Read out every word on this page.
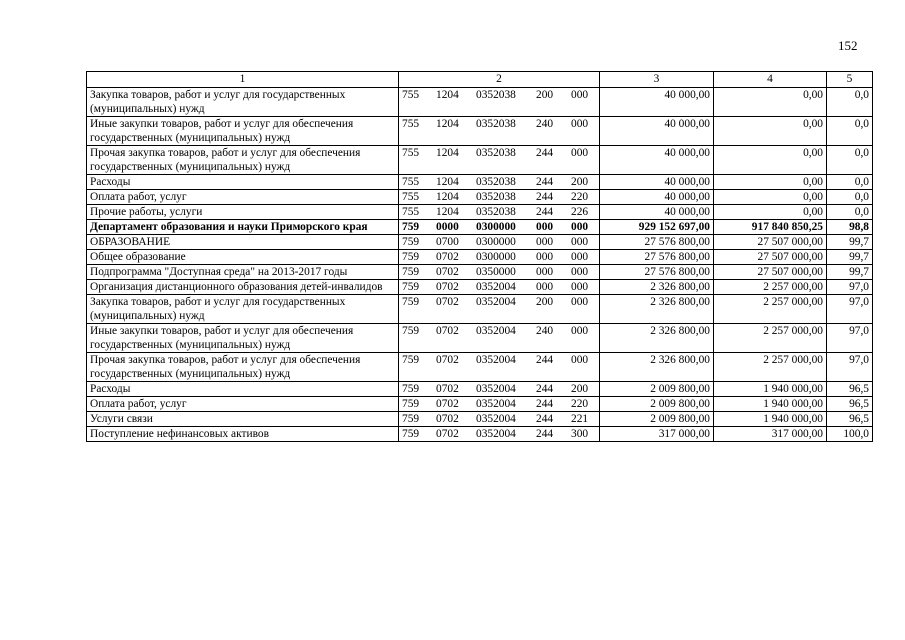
152
1	2	3	4	5
Закупка товаров, работ и услуг для государственных (муниципальных) нужд	755 1204 0352038 200 000	40 000,00	0,00	0,0
Иные закупки товаров, работ и услуг для обеспечения государственных (муниципальных) нужд	755 1204 0352038 240 000	40 000,00	0,00	0,0
Прочая закупка товаров, работ и услуг для обеспечения государственных (муниципальных) нужд	755 1204 0352038 244 000	40 000,00	0,00	0,0
Расходы	755 1204 0352038 244 200	40 000,00	0,00	0,0
Оплата работ, услуг	755 1204 0352038 244 220	40 000,00	0,00	0,0
Прочие работы, услуги	755 1204 0352038 244 226	40 000,00	0,00	0,0
Департамент образования и науки Приморского края	759 0000 0300000 000 000	929 152 697,00	917 840 850,25	98,8
ОБРАЗОВАНИЕ	759 0700 0300000 000 000	27 576 800,00	27 507 000,00	99,7
Общее образование	759 0702 0300000 000 000	27 576 800,00	27 507 000,00	99,7
Подпрограмма "Доступная среда" на 2013-2017 годы	759 0702 0350000 000 000	27 576 800,00	27 507 000,00	99,7
Организация дистанционного образования детей-инвалидов	759 0702 0352004 000 000	2 326 800,00	2 257 000,00	97,0
Закупка товаров, работ и услуг для государственных (муниципальных) нужд	759 0702 0352004 200 000	2 326 800,00	2 257 000,00	97,0
Иные закупки товаров, работ и услуг для обеспечения государственных (муниципальных) нужд	759 0702 0352004 240 000	2 326 800,00	2 257 000,00	97,0
Прочая закупка товаров, работ и услуг для обеспечения государственных (муниципальных) нужд	759 0702 0352004 244 000	2 326 800,00	2 257 000,00	97,0
Расходы	759 0702 0352004 244 200	2 009 800,00	1 940 000,00	96,5
Оплата работ, услуг	759 0702 0352004 244 220	2 009 800,00	1 940 000,00	96,5
Услуги связи	759 0702 0352004 244 221	2 009 800,00	1 940 000,00	96,5
Поступление нефинансовых активов	759 0702 0352004 244 300	317 000,00	317 000,00	100,0
